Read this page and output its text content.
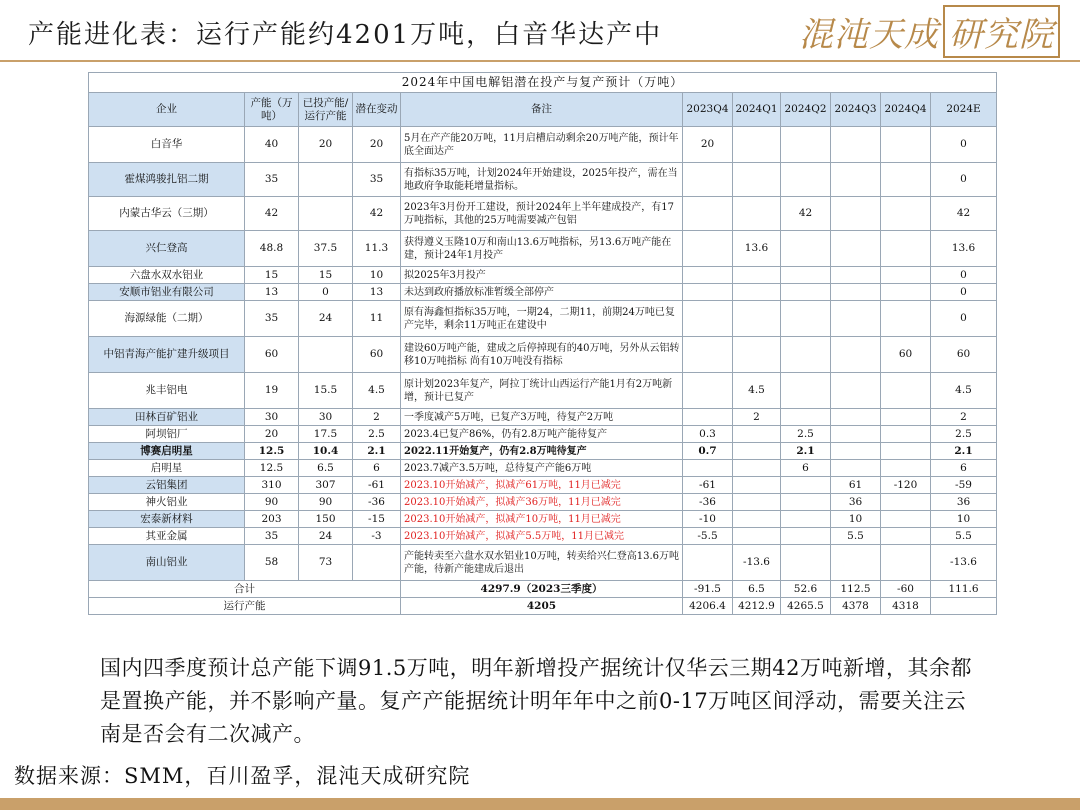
产能进化表：运行产能约4201万吨，白音华达产中	混沌天成 研究院
2024年中国电解铝潜在投产与复产预计（万吨）										
企业	产能（万吨）	已投产能/运行产能	潜在变动	备注	2023Q4	2024Q1	2024Q2	2024Q3	2024Q4	2024E
白音华	40	20	20	5月在产产能20万吨，11月启槽启动剩余20万吨产能，预计年底全面达产	20					0
霍煤鸿骏扎铝二期	35		35	有指标35万吨，计划2024年开始建设，2025年投产，需在当地政府争取能耗增量指标。						0
内蒙古华云（三期）	42		42	2023年3月份开工建设，预计2024年上半年建成投产，有17万吨指标，其他的25万吨需要减产包铝			42			42
兴仁登高	48.8	37.5	11.3	获得遵义玉隆10万和南山13.6万吨指标，另13.6万吨产能在建，预计24年1月投产		13.6				13.6
六盘水双水铝业	15	15	10	拟2025年3月投产						0
安顺市铝业有限公司	13	0	13	未达到政府播放标准暂缓全部停产						0
海源绿能（二期）	35	24	11	原有海鑫恒指标35万吨，一期24，二期11，前期24万吨已复产完毕，剩余11万吨正在建设中						0
中铝青海产能扩建升级项目	60		60	建设60万吨产能，建成之后停掉现有的40万吨，另外从云铝转移10万吨指标 尚有10万吨没有指标					60	60
兆丰铝电	19	15.5	4.5	原计划2023年复产，阿拉丁统计山西运行产能1月有2万吨新增，预计已复产		4.5				4.5
田林百矿铝业	30	30	2	一季度减产5万吨，已复产3万吨，待复产2万吨		2				2
阿坝铝厂	20	17.5	2.5	2023.4已复产86%，仍有2.8万吨产能待复产	0.3		2.5			2.5
博赛启明星	12.5	10.4	2.1	2022.11开始复产，仍有2.8万吨待复产	0.7		2.1			2.1
启明星	12.5	6.5	6	2023.7减产3.5万吨，总待复产产能6万吨			6			6
云铝集团	310	307	-61	2023.10开始减产，拟减产61万吨，11月已减完	-61			61	-120	-59
神火铝业	90	90	-36	2023.10开始减产，拟减产36万吨，11月已减完	-36			36		36
宏泰新材料	203	150	-15	2023.10开始减产，拟减产10万吨，11月已减完	-10			10		10
其亚金属	35	24	-3	2023.10开始减产，拟减产5.5万吨，11月已减完	-5.5			5.5		5.5
南山铝业	58	73		产能转卖至六盘水双水铝业10万吨，转卖给兴仁登高13.6万吨产能，待新产能建成后退出		-13.6				-13.6
合计				4297.9（2023三季度）	-91.5	6.5	52.6	112.5	-60	111.6
运行产能				4205	4206.4	4212.9	4265.5	4378	4318	
国内四季度预计总产能下调91.5万吨，明年新增投产据统计仅华云三期42万吨新增，其余都是置换产能，并不影响产量。复产产能据统计明年年中之前0-17万吨区间浮动，需要关注云南是否会有二次减产。
数据来源：SMM，百川盈孚，混沌天成研究院
